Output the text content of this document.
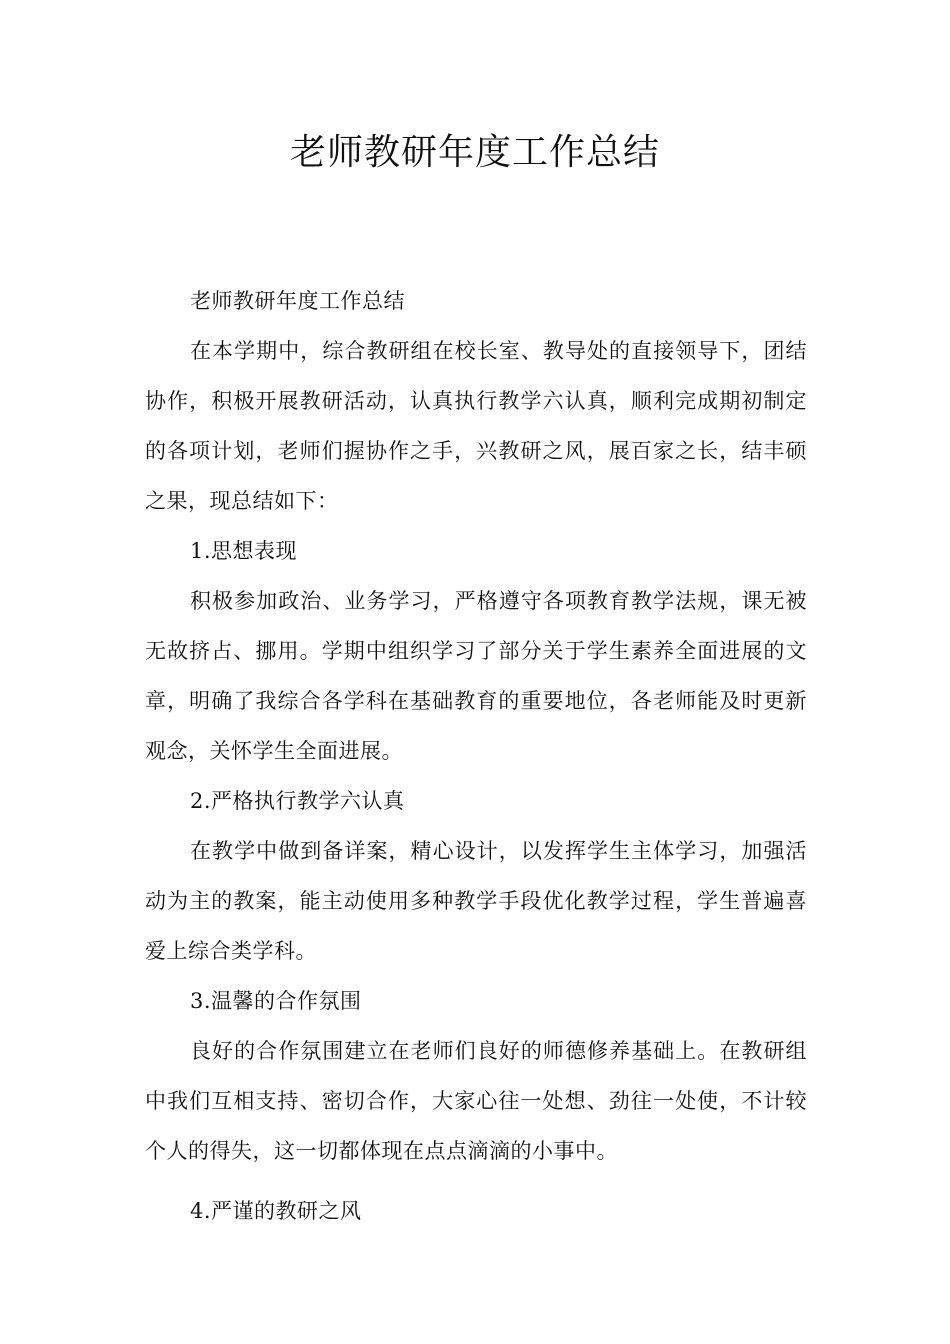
老师教研年度工作总结

老师教研年度工作总结

在本学期中，综合教研组在校长室、教导处的直接领导下，团结协作，积极开展教研活动，认真执行教学六认真，顺利完成期初制定的各项计划，老师们握协作之手，兴教研之风，展百家之长，结丰硕之果，现总结如下：

1.思想表现

积极参加政治、业务学习，严格遵守各项教育教学法规，课无被无故挤占、挪用。学期中组织学习了部分关于学生素养全面进展的文章，明确了我综合各学科在基础教育的重要地位，各老师能及时更新观念，关怀学生全面进展。

2.严格执行教学六认真

在教学中做到备详案，精心设计，以发挥学生主体学习，加强活动为主的教案，能主动使用多种教学手段优化教学过程，学生普遍喜爱上综合类学科。

3.温馨的合作氛围

良好的合作氛围建立在老师们良好的师德修养基础上。在教研组中我们互相支持、密切合作，大家心往一处想、劲往一处使，不计较个人的得失，这一切都体现在点点滴滴的小事中。

4.严谨的教研之风
